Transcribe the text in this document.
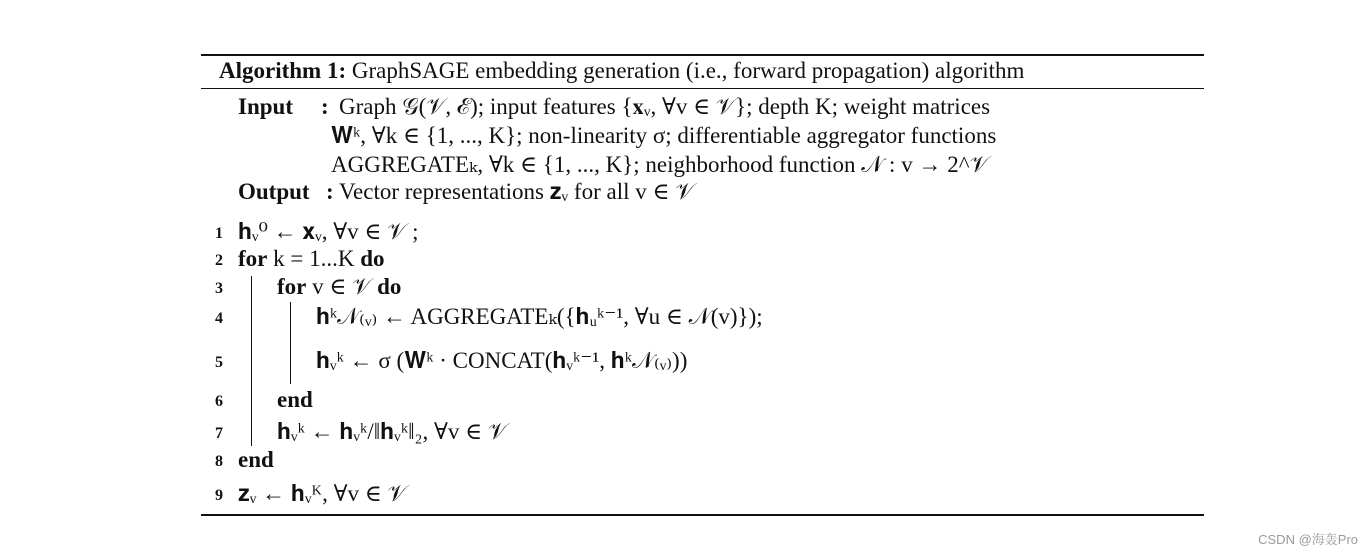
Algorithm 1: GraphSAGE embedding generation (i.e., forward propagation) algorithm
Input : Graph 𝒢(𝒱, ℰ); input features {𝐱ᵥ, ∀v ∈ 𝒱}; depth K; weight matrices
𝐖ᵏ, ∀k ∈ {1, ..., K}; non-linearity σ; differentiable aggregator functions
AGGREGATEₖ, ∀k ∈ {1, ..., K}; neighborhood function 𝒩 : v → 2^𝒱
Output : Vector representations 𝐳ᵥ for all v ∈ 𝒱
1 𝐡ᵥ⁰ ← 𝐱ᵥ, ∀v ∈ 𝒱 ;
2 for k = 1...K do
3 for v ∈ 𝒱 do
4	𝐡ᵏ𝒩₍ᵥ₎ ← AGGREGATEₖ({𝐡ᵤᵏ⁻¹, ∀u ∈ 𝒩(v)});
5	𝐡ᵥᵏ ← σ (𝐖ᵏ · CONCAT(𝐡ᵥᵏ⁻¹, 𝐡ᵏ𝒩₍ᵥ₎))
6 end
7 𝐡ᵥᵏ ← 𝐡ᵥᵏ/‖𝐡ᵥᵏ‖₂, ∀v ∈ 𝒱
8 end
9 𝐳ᵥ ← 𝐡ᵥᴷ, ∀v ∈ 𝒱
CSDN @海轰Pro
